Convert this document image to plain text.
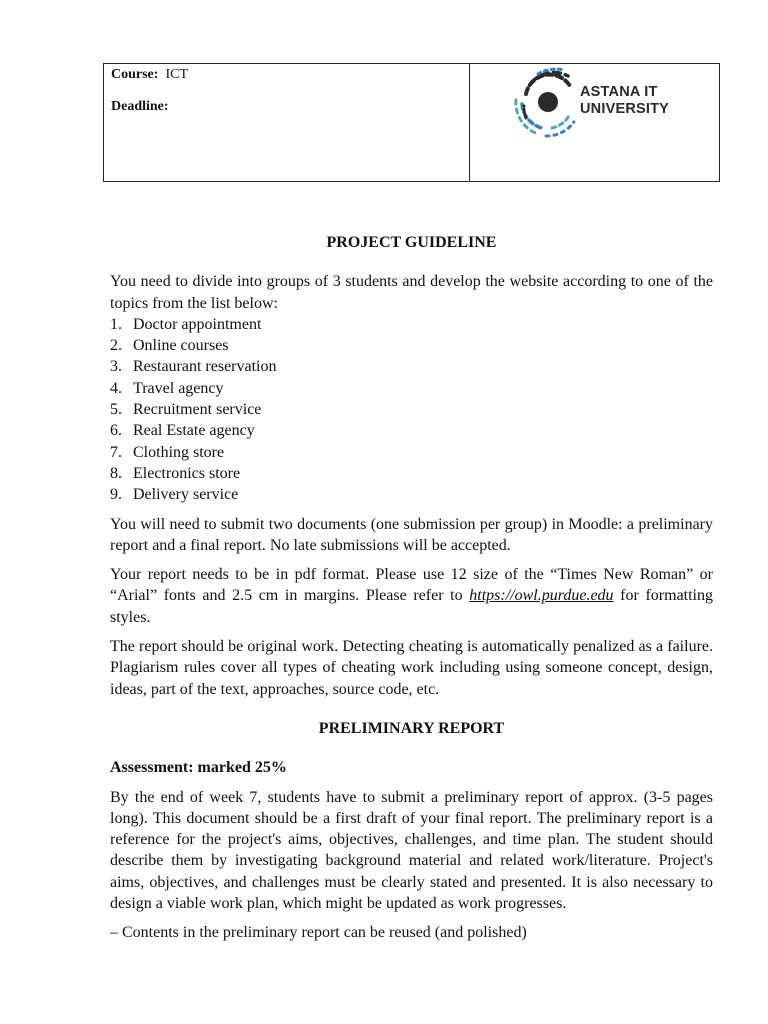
Course: ICT
Deadline:
ASTANA IT
UNIVERSITY
PROJECT GUIDELINE

You need to divide into groups of 3 students and develop the website according to one of the topics from the list below:

1. Doctor appointment
2. Online courses
3. Restaurant reservation
4. Travel agency
5. Recruitment service
6. Real Estate agency
7. Clothing store
8. Electronics store
9. Delivery service

You will need to submit two documents (one submission per group) in Moodle: a preliminary report and a final report. No late submissions will be accepted.

Your report needs to be in pdf format. Please use 12 size of the “Times New Roman” or “Arial” fonts and 2.5 cm in margins. Please refer to https://owl.purdue.edu for formatting styles.

The report should be original work. Detecting cheating is automatically penalized as a failure. Plagiarism rules cover all types of cheating work including using someone concept, design, ideas, part of the text, approaches, source code, etc.

PRELIMINARY REPORT

Assessment: marked 25%

By the end of week 7, students have to submit a preliminary report of approx. (3-5 pages long). This document should be a first draft of your final report. The preliminary report is a reference for the project's aims, objectives, challenges, and time plan. The student should describe them by investigating background material and related work/literature. Project's aims, objectives, and challenges must be clearly stated and presented. It is also necessary to design a viable work plan, which might be updated as work progresses.

– Contents in the preliminary report can be reused (and polished)
